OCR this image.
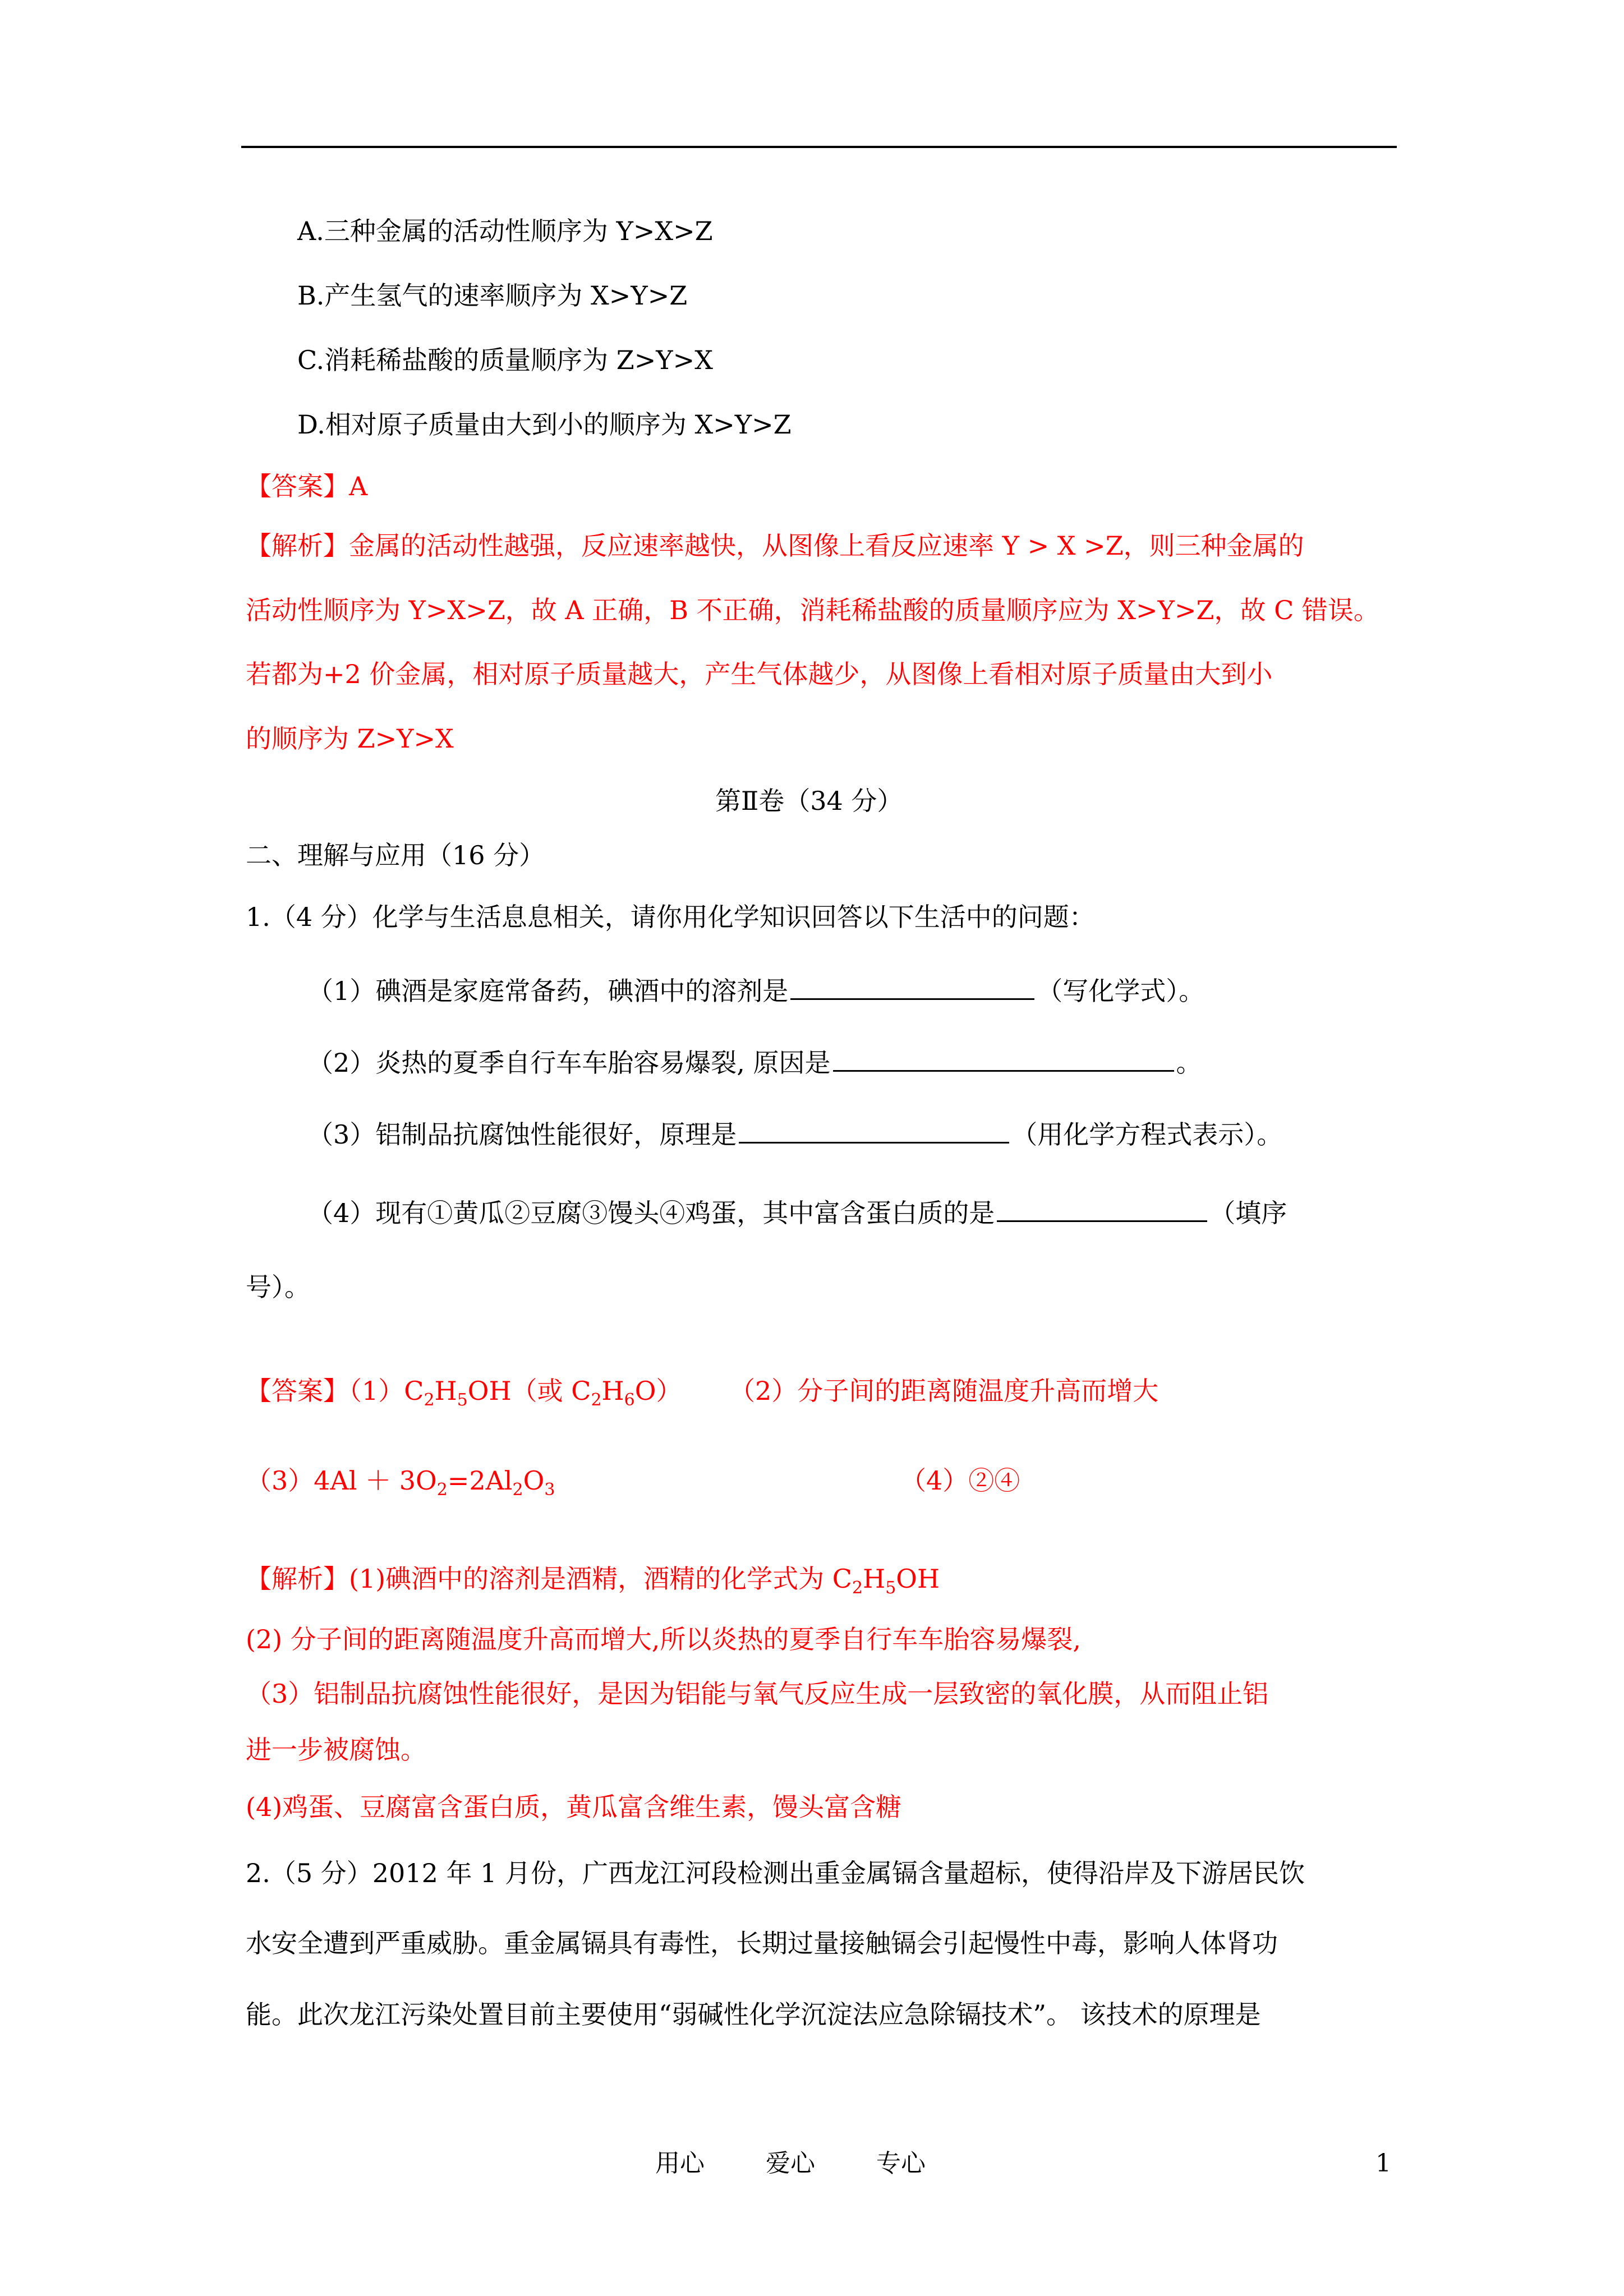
A.三种金属的活动性顺序为 Y>X>Z
B.产生氢气的速率顺序为 X>Y>Z
C.消耗稀盐酸的质量顺序为 Z>Y>X
D.相对原子质量由大到小的顺序为 X>Y>Z
【答案】A
【解析】金属的活动性越强，反应速率越快，从图像上看反应速率 Y > X >Z，则三种金属的
活动性顺序为 Y>X>Z，故 A 正确，B 不正确，消耗稀盐酸的质量顺序应为 X>Y>Z，故 C 错误。
若都为+2 价金属，相对原子质量越大，产生气体越少，从图像上看相对原子质量由大到小
的顺序为 Z>Y>X
第Ⅱ卷（34 分）
二、理解与应用（16 分）
1.（4 分）化学与生活息息相关，请你用化学知识回答以下生活中的问题：
（1）碘酒是家庭常备药，碘酒中的溶剂是	（写化学式）。
（2）炎热的夏季自行车车胎容易爆裂, 原因是	。
（3）铝制品抗腐蚀性能很好，原理是	（用化学方程式表示）。
（4）现有①黄瓜②豆腐③馒头④鸡蛋，其中富含蛋白质的是	（填序
号）。
【答案】$(1)C_2H_5OH$（或 $C_2H_6O$） （2）分子间的距离随温度升高而增大
$(3)4Al + 3O_2=2Al_2O_3$	（4）②④
【解析】(1)碘酒中的溶剂是酒精，酒精的化学式为 $C_2H_5OH$
(2) 分子间的距离随温度升高而增大,所以炎热的夏季自行车车胎容易爆裂,
（3）铝制品抗腐蚀性能很好，是因为铝能与氧气反应生成一层致密的氧化膜，从而阻止铝
进一步被腐蚀。
(4)鸡蛋、豆腐富含蛋白质，黄瓜富含维生素，馒头富含糖
2.（5 分）2012 年 1 月份，广西龙江河段检测出重金属镉含量超标，使得沿岸及下游居民饮
水安全遭到严重威胁。重金属镉具有毒性，长期过量接触镉会引起慢性中毒，影响人体肾功
能。此次龙江污染处置目前主要使用“弱碱性化学沉淀法应急除镉技术”。 该技术的原理是
用心 爱心 专心	1
